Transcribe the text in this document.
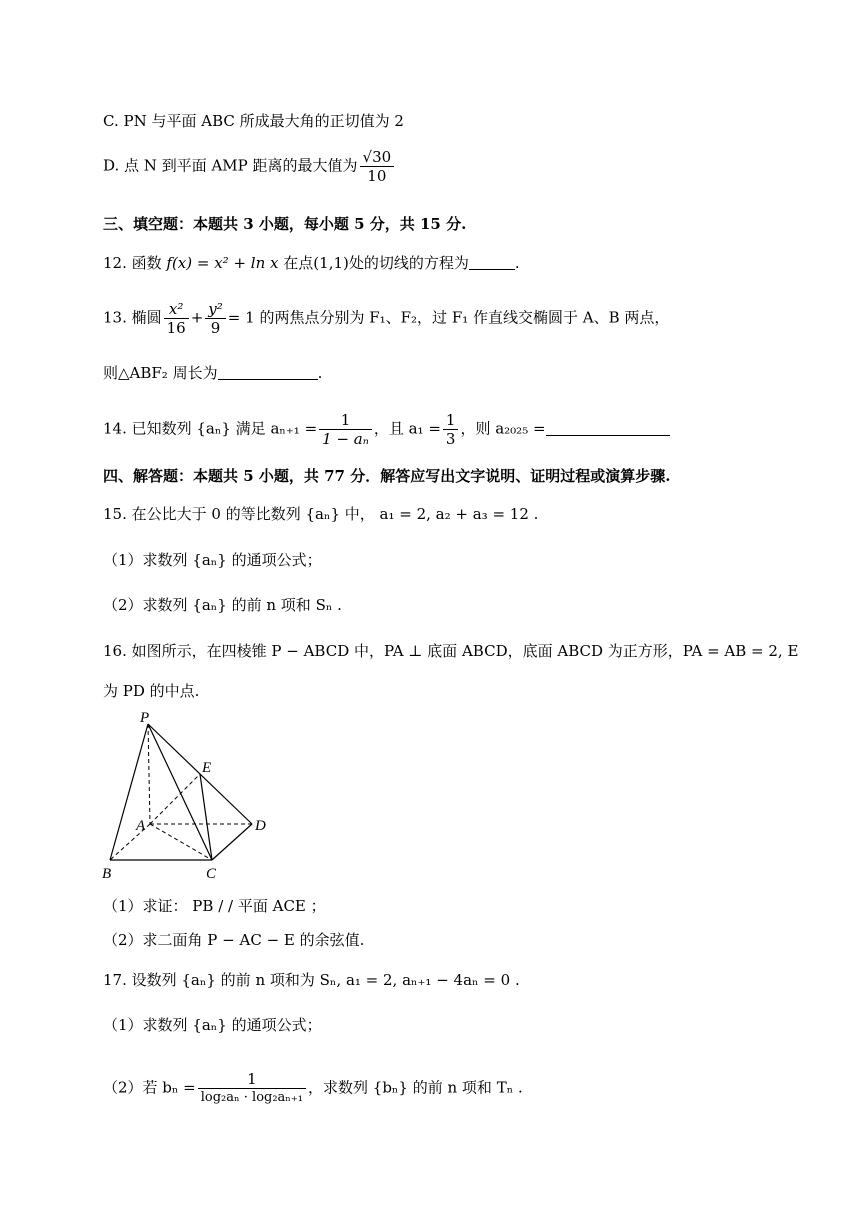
C. PN 与平面 ABC 所成最大角的正切值为 2
D. 点 N 到平面 AMP 距离的最大值为 $\frac{√30}{10}$
三、填空题：本题共 3 小题，每小题 5 分，共 15 分.
12. 函数 f(x) = x² + ln x 在点(1,1)处的切线的方程为	.
13. 椭圆 $\frac{\text{x²}}{16} + \frac{\text{y²}}{9} = 1$ 的两焦点分别为 F₁、F₂，过 F₁ 作直线交椭圆于 A、B 两点，
则△ABF₂ 周长为	.
14. 已知数列 {aₙ} 满足 $a_{n+1} = \frac{1}{\text{1 − aₙ}}$ ，且 $a_1 = \frac{1}{3}$ ，则 a₂₀₂₅ =
四、解答题：本题共 5 小题，共 77 分．解答应写出文字说明、证明过程或演算步骤.
15. 在公比大于 0 的等比数列 {aₙ} 中， a₁ = 2, a₂ + a₃ = 12 .
（1）求数列 {aₙ} 的通项公式；
（2）求数列 {aₙ} 的前 n 项和 Sₙ .
16. 如图所示，在四棱锥 P − ABCD 中，PA ⊥ 底面 ABCD，底面 ABCD 为正方形，PA = AB = 2, E
为 PD 的中点.
P
E
A	D
B	C
（1）求证： PB / / 平面 ACE ；
（2）求二面角 P − AC − E 的余弦值.
17. 设数列 {aₙ} 的前 n 项和为 Sₙ, a₁ = 2, aₙ₊₁ − 4aₙ = 0 .
（1）求数列 {aₙ} 的通项公式；
（2）若 $b_n = \frac{1}{\text{log₂aₙ · log₂aₙ₊₁}}$ ，求数列 {bₙ} 的前 n 项和 Tₙ .
